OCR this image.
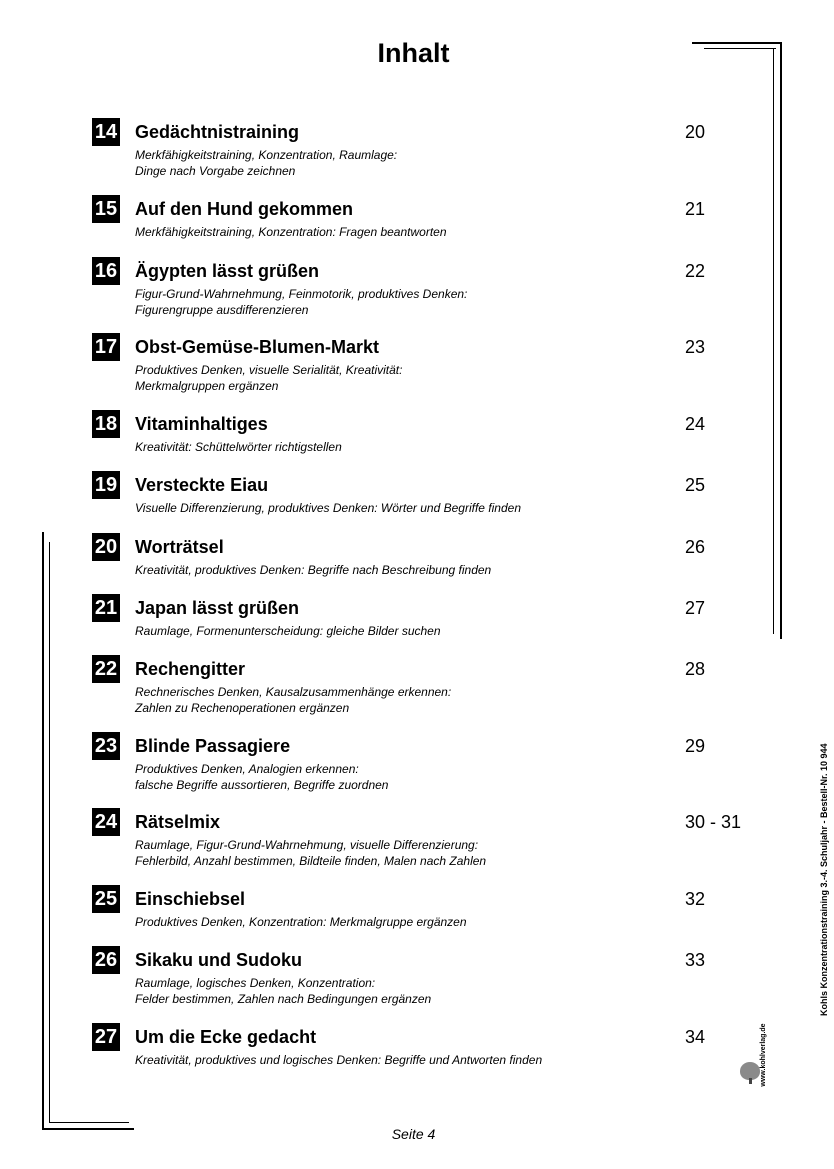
Inhalt
14 Gedächtnistraining	20
Merkfähigkeitstraining, Konzentration, Raumlage:
Dinge nach Vorgabe zeichnen
15 Auf den Hund gekommen	21
Merkfähigkeitstraining, Konzentration: Fragen beantworten
16 Ägypten lässt grüßen	22
Figur-Grund-Wahrnehmung, Feinmotorik, produktives Denken:
Figurengruppe ausdifferenzieren
17 Obst-Gemüse-Blumen-Markt	23
Produktives Denken, visuelle Serialität, Kreativität:
Merkmalgruppen ergänzen
18 Vitaminhaltiges	24
Kreativität: Schüttelwörter richtigstellen
19 Versteckte Eiau	25
Visuelle Differenzierung, produktives Denken: Wörter und Begriffe finden
20 Worträtsel	26
Kreativität, produktives Denken: Begriffe nach Beschreibung finden
21 Japan lässt grüßen	27
Raumlage, Formenunterscheidung: gleiche Bilder suchen
22 Rechengitter	28
Rechnerisches Denken, Kausalzusammenhänge erkennen:
Zahlen zu Rechenoperationen ergänzen
23 Blinde Passagiere	29
Produktives Denken, Analogien erkennen:
falsche Begriffe aussortieren, Begriffe zuordnen
24 Rätselmix	30 - 31
Raumlage, Figur-Grund-Wahrnehmung, visuelle Differenzierung:
Fehlerbild, Anzahl bestimmen, Bildteile finden, Malen nach Zahlen
25 Einschiebsel	32
Produktives Denken, Konzentration: Merkmalgruppe ergänzen
26 Sikaku und Sudoku	33
Raumlage, logisches Denken, Konzentration:
Felder bestimmen, Zahlen nach Bedingungen ergänzen
27 Um die Ecke gedacht	34
Kreativität, produktives und logisches Denken: Begriffe und Antworten finden
Kohls Konzentrationstraining 3.-4. Schuljahr - Bestell-Nr. 10 944
www.kohlverlag.de
Seite 4
